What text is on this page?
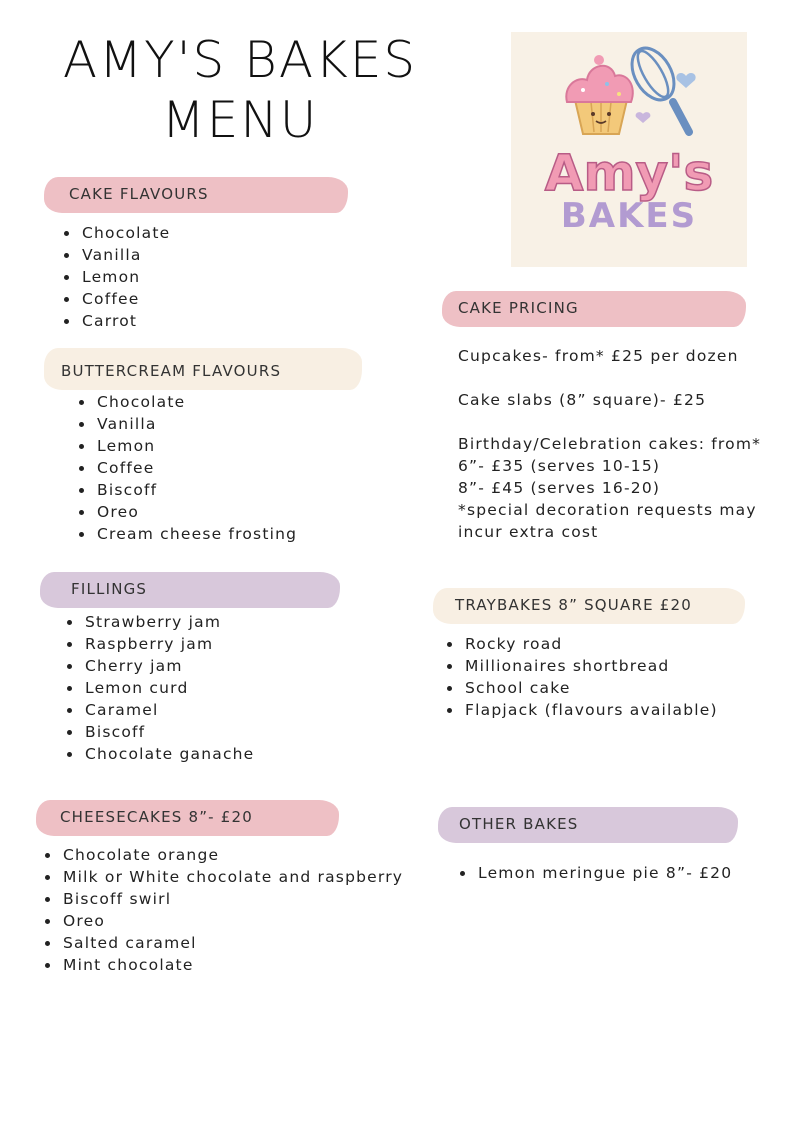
AMY'S BAKES
MENU
Amy's
BAKES
CAKE FLAVOURS
• Chocolate
• Vanilla
• Lemon
• Coffee
• Carrot
BUTTERCREAM FLAVOURS
• Chocolate
• Vanilla
• Lemon
• Coffee
• Biscoff
• Oreo
• Cream cheese frosting
FILLINGS
• Strawberry jam
• Raspberry jam
• Cherry jam
• Lemon curd
• Caramel
• Biscoff
• Chocolate ganache
CHEESECAKES 8”- £20
• Chocolate orange
• Milk or White chocolate and raspberry
• Biscoff swirl
• Oreo
• Salted caramel
• Mint chocolate
CAKE PRICING

Cupcakes- from* £25 per dozen

Cake slabs (8” square)- £25

Birthday/Celebration cakes: from*

6”- £35 (serves 10-15)

8”- £45 (serves 16-20)

*special decoration requests may

incur extra cost

TRAYBAKES 8” SQUARE £20
• Rocky road
• Millionaires shortbread
• School cake
• Flapjack (flavours available)
OTHER BAKES
• Lemon meringue pie 8”- £20
